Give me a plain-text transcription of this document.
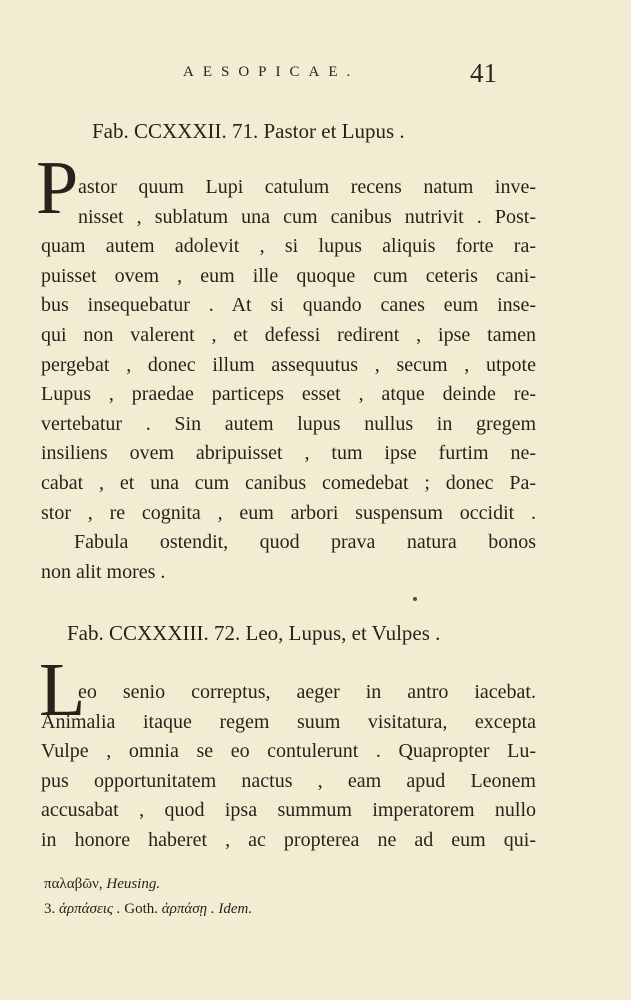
AESOPICAE.	41
Fab. CCXXXII. 71. Pastor et Lupus .
P astor quum Lupi catulum recens natum inve-
nisset , sublatum una cum canibus nutrivit . Post-
quam autem adolevit , si lupus aliquis forte ra-
puisset ovem , eum ille quoque cum ceteris cani-
bus insequebatur . At si quando canes eum inse-
qui non valerent , et defessi redirent , ipse tamen
pergebat , donec illum assequutus , secum , utpote
Lupus , praedae particeps esset , atque deinde re-
vertebatur . Sin autem lupus nullus in gregem
insiliens ovem abripuisset , tum ipse furtim ne-
cabat , et una cum canibus comedebat ; donec Pa-
stor , re cognita , eum arbori suspensum occidit .
Fabula ostendit, quod prava natura bonos
non alit mores .
Fab. CCXXXIII. 72. Leo, Lupus, et Vulpes .
L
eo senio correptus, aeger in antro iacebat.
Animalia itaque regem suum visitatura, excepta
Vulpe , omnia se eo contulerunt . Quapropter Lu-
pus opportunitatem nactus , eam apud Leonem
accusabat , quod ipsa summum imperatorem nullo
in honore haberet , ac propterea ne ad eum qui-
παλαβῶν, Heusing.
3. ἁρπάσεις . Goth. ἁρπάσῃ . Idem.
